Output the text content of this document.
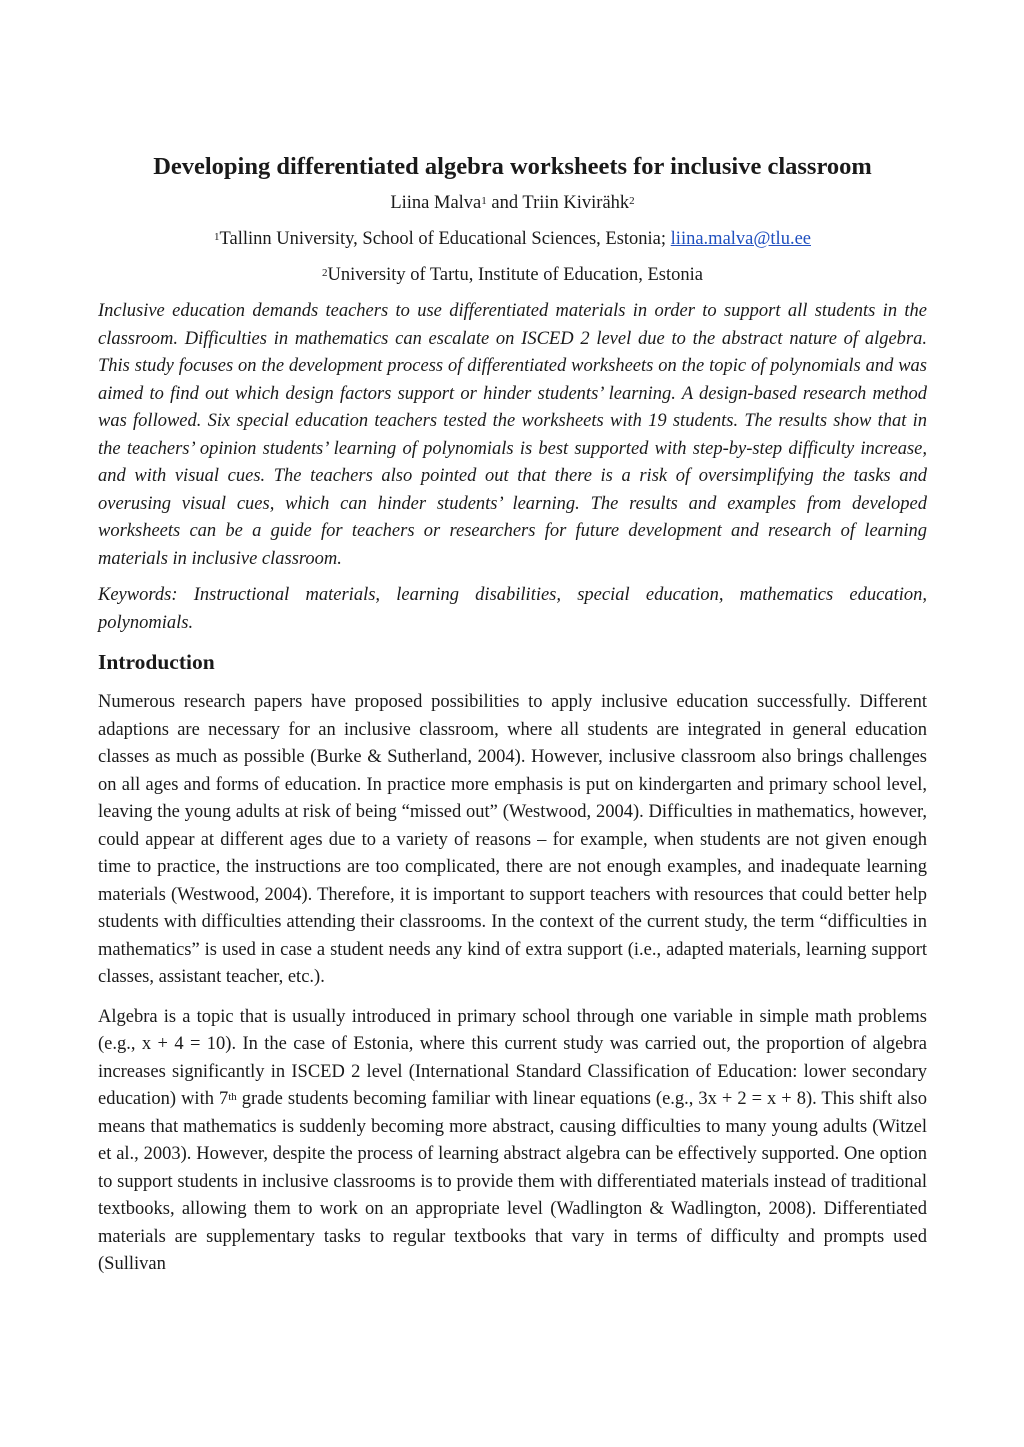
Developing differentiated algebra worksheets for inclusive classroom

Liina Malva$^1$ and Triin Kivirähk$^2$

$^1$Tallinn University, School of Educational Sciences, Estonia; liina.malva@tlu.ee

$^2$University of Tartu, Institute of Education, Estonia

Inclusive education demands teachers to use differentiated materials in order to support all students in the classroom. Difficulties in mathematics can escalate on ISCED 2 level due to the abstract nature of algebra. This study focuses on the development process of differentiated worksheets on the topic of polynomials and was aimed to find out which design factors support or hinder students’ learning. A design-based research method was followed. Six special education teachers tested the worksheets with 19 students. The results show that in the teachers’ opinion students’ learning of polynomials is best supported with step-by-step difficulty increase, and with visual cues. The teachers also pointed out that there is a risk of oversimplifying the tasks and overusing visual cues, which can hinder students’ learning. The results and examples from developed worksheets can be a guide for teachers or researchers for future development and research of learning materials in inclusive classroom.

Keywords: Instructional materials, learning disabilities, special education, mathematics education, polynomials.

Introduction

Numerous research papers have proposed possibilities to apply inclusive education successfully. Different adaptions are necessary for an inclusive classroom, where all students are integrated in general education classes as much as possible (Burke & Sutherland, 2004). However, inclusive classroom also brings challenges on all ages and forms of education. In practice more emphasis is put on kindergarten and primary school level, leaving the young adults at risk of being “missed out” (Westwood, 2004). Difficulties in mathematics, however, could appear at different ages due to a variety of reasons – for example, when students are not given enough time to practice, the instructions are too complicated, there are not enough examples, and inadequate learning materials (Westwood, 2004). Therefore, it is important to support teachers with resources that could better help students with difficulties attending their classrooms. In the context of the current study, the term “difficulties in mathematics” is used in case a student needs any kind of extra support (i.e., adapted materials, learning support classes, assistant teacher, etc.).

Algebra is a topic that is usually introduced in primary school through one variable in simple math problems (e.g., x + 4 = 10). In the case of Estonia, where this current study was carried out, the proportion of algebra increases significantly in ISCED 2 level (International Standard Classification of Education: lower secondary education) with 7th grade students becoming familiar with linear equations (e.g., 3x + 2 = x + 8). This shift also means that mathematics is suddenly becoming more abstract, causing difficulties to many young adults (Witzel et al., 2003). However, despite the process of learning abstract algebra can be effectively supported. One option to support students in inclusive classrooms is to provide them with differentiated materials instead of traditional textbooks, allowing them to work on an appropriate level (Wadlington & Wadlington, 2008). Differentiated materials are supplementary tasks to regular textbooks that vary in terms of difficulty and prompts used (Sullivan
